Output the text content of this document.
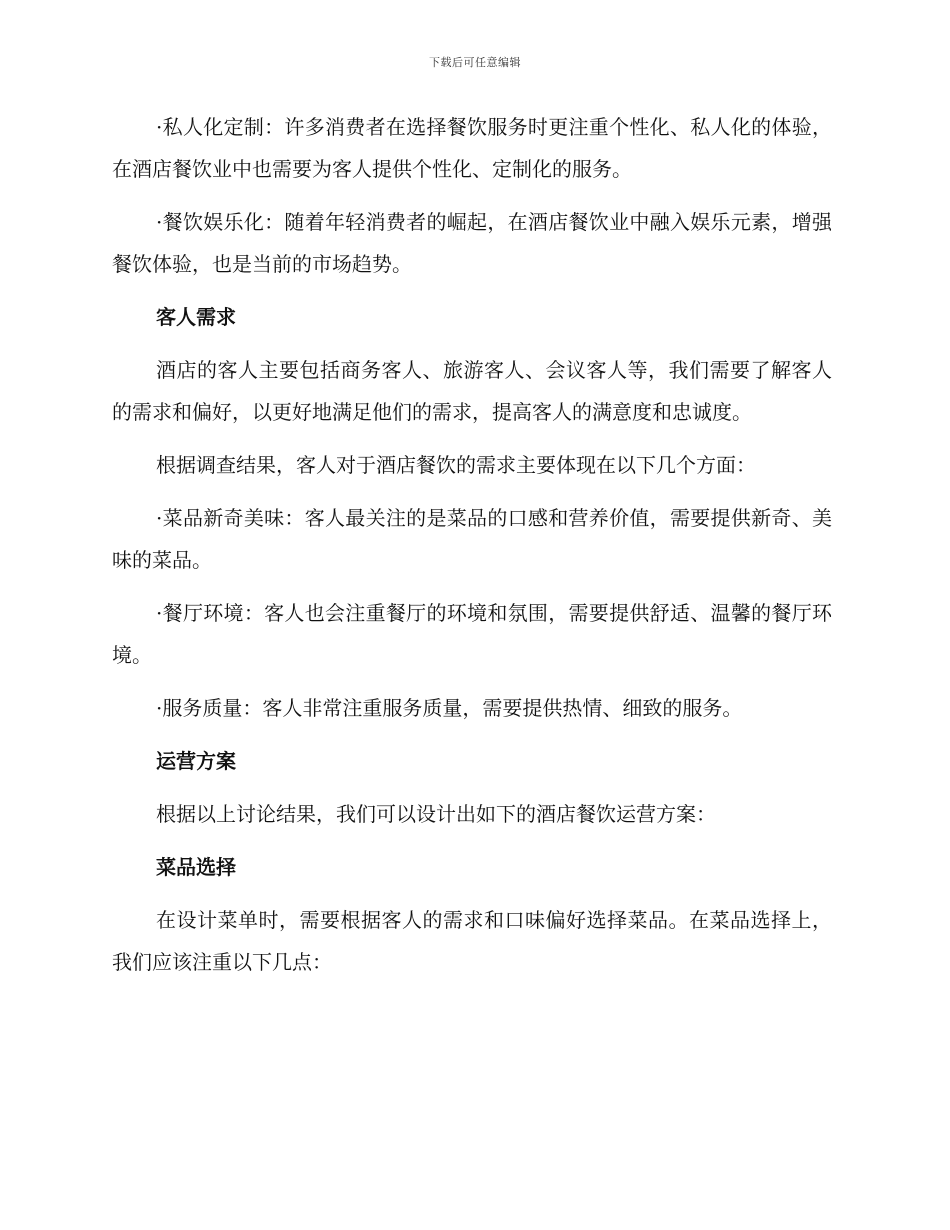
下载后可任意编辑

·私人化定制：许多消费者在选择餐饮服务时更注重个性化、私人化的体验，在酒店餐饮业中也需要为客人提供个性化、定制化的服务。

·餐饮娱乐化：随着年轻消费者的崛起，在酒店餐饮业中融入娱乐元素，增强餐饮体验，也是当前的市场趋势。

客人需求

酒店的客人主要包括商务客人、旅游客人、会议客人等，我们需要了解客人的需求和偏好，以更好地满足他们的需求，提高客人的满意度和忠诚度。

根据调查结果，客人对于酒店餐饮的需求主要体现在以下几个方面：

·菜品新奇美味：客人最关注的是菜品的口感和营养价值，需要提供新奇、美味的菜品。

·餐厅环境：客人也会注重餐厅的环境和氛围，需要提供舒适、温馨的餐厅环境。

·服务质量：客人非常注重服务质量，需要提供热情、细致的服务。

运营方案

根据以上讨论结果，我们可以设计出如下的酒店餐饮运营方案：

菜品选择

在设计菜单时，需要根据客人的需求和口味偏好选择菜品。在菜品选择上，我们应该注重以下几点：
